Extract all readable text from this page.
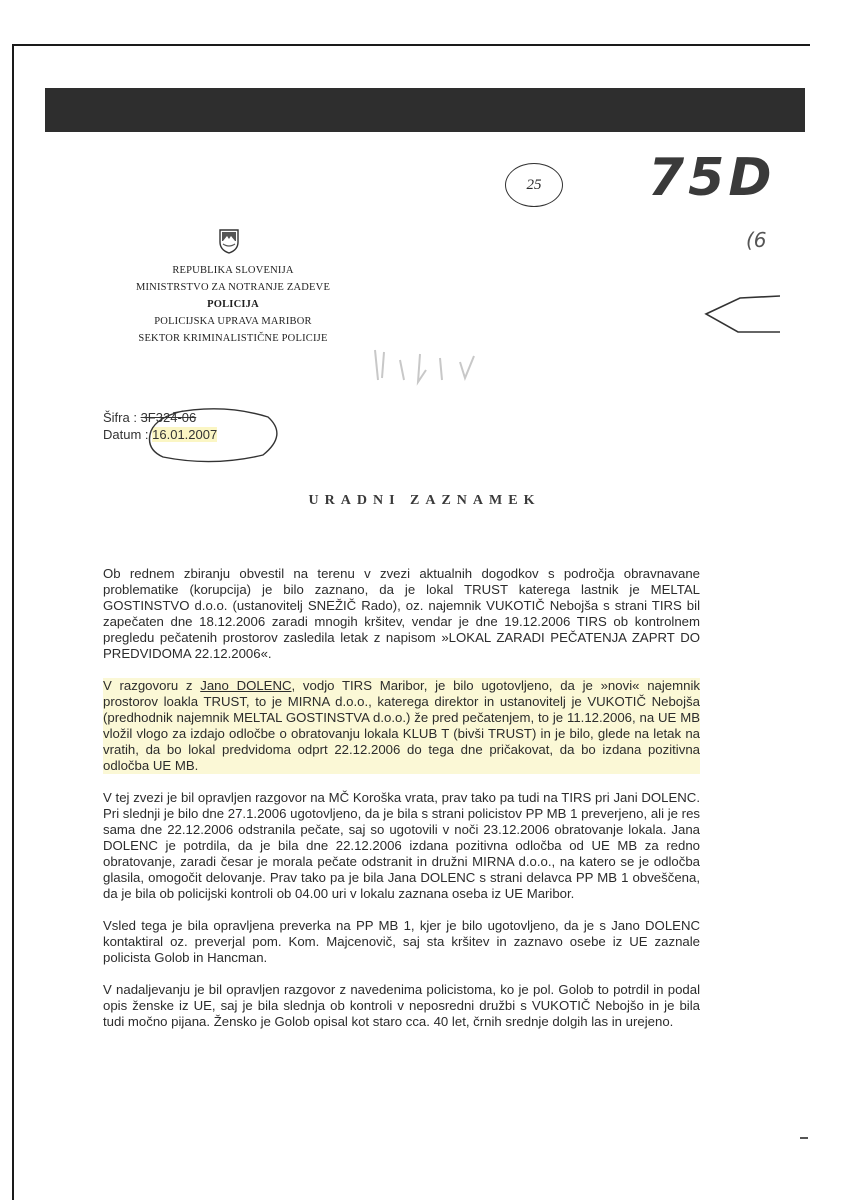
25	75D
(6
REPUBLIKA SLOVENIJA
MINISTRSTVO ZA NOTRANJE ZADEVE
POLICIJA
POLICIJSKA UPRAVA MARIBOR
SEKTOR KRIMINALISTIČNE POLICIJE
Šifra : 3F324-06
Datum : 16.01.2007
URADNI ZAZNAMEK

Ob rednem zbiranju obvestil na terenu v zvezi aktualnih dogodkov s področja obravnavane problematike (korupcija) je bilo zaznano, da je lokal TRUST katerega lastnik je MELTAL GOSTINSTVO d.o.o. (ustanovitelj SNEŽIČ Rado), oz. najemnik VUKOTIČ Nebojša s strani TIRS bil zapečaten dne 18.12.2006 zaradi mnogih kršitev, vendar je dne 19.12.2006 TIRS ob kontrolnem pregledu pečatenih prostorov zasledila letak z napisom »LOKAL ZARADI PEČATENJA ZAPRT DO PREDVIDOMA 22.12.2006«.

V razgovoru z Jano DOLENC, vodjo TIRS Maribor, je bilo ugotovljeno, da je »novi« najemnik prostorov loakla TRUST, to je MIRNA d.o.o., katerega direktor in ustanovitelj je VUKOTIČ Nebojša (predhodnik najemnik MELTAL GOSTINSTVA d.o.o.) že pred pečatenjem, to je 11.12.2006, na UE MB vložil vlogo za izdajo odločbe o obratovanju lokala KLUB T (bivši TRUST) in je bilo, glede na letak na vratih, da bo lokal predvidoma odprt 22.12.2006 do tega dne pričakovat, da bo izdana pozitivna odločba UE MB.

V tej zvezi je bil opravljen razgovor na MČ Koroška vrata, prav tako pa tudi na TIRS pri Jani DOLENC. Pri slednji je bilo dne 27.1.2006 ugotovljeno, da je bila s strani policistov PP MB 1 preverjeno, ali je res sama dne 22.12.2006 odstranila pečate, saj so ugotovili v noči 23.12.2006 obratovanje lokala. Jana DOLENC je potrdila, da je bila dne 22.12.2006 izdana pozitivna odločba od UE MB za redno obratovanje, zaradi česar je morala pečate odstranit in družni MIRNA d.o.o., na katero se je odločba glasila, omogočit delovanje. Prav tako pa je bila Jana DOLENC s strani delavca PP MB 1 obveščena, da je bila ob policijski kontroli ob 04.00 uri v lokalu zaznana oseba iz UE Maribor.

Vsled tega je bila opravljena preverka na PP MB 1, kjer je bilo ugotovljeno, da je s Jano DOLENC kontaktiral oz. preverjal pom. Kom. Majcenovič, saj sta kršitev in zaznavo osebe iz UE zaznale policista Golob in Hancman.

V nadaljevanju je bil opravljen razgovor z navedenima policistoma, ko je pol. Golob to potrdil in podal opis ženske iz UE, saj je bila slednja ob kontroli v neposredni družbi s VUKOTIČ Nebojšo in je bila tudi močno pijana. Žensko je Golob opisal kot staro cca. 40 let, črnih srednje dolgih las in urejeno.
